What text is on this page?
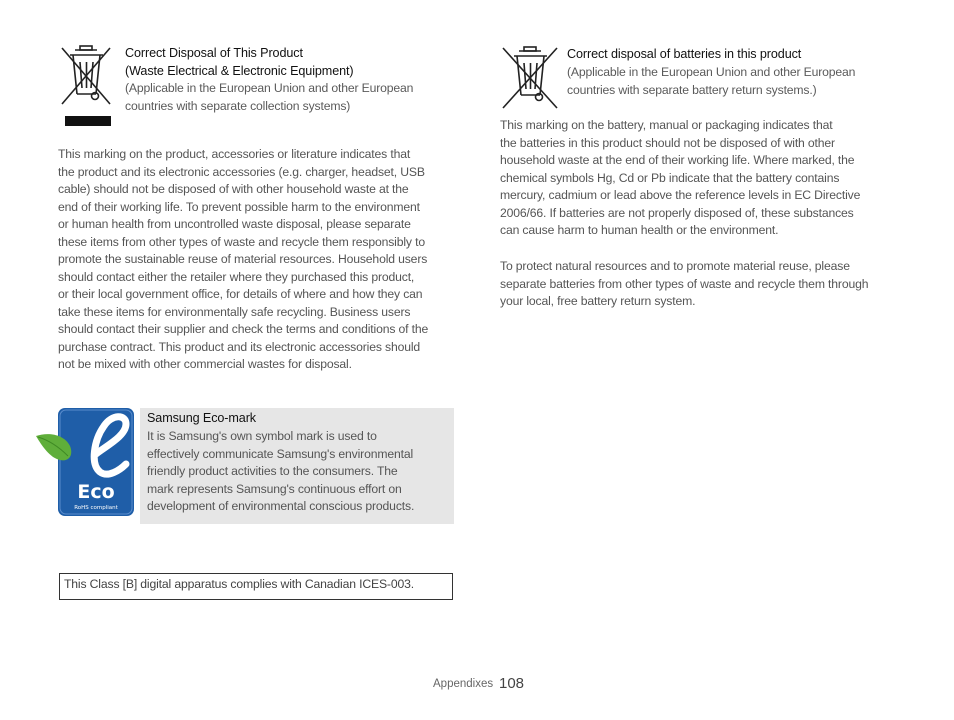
Correct Disposal of This Product
(Waste Electrical & Electronic Equipment)
(Applicable in the European Union and other European
countries with separate collection systems)
This marking on the product, accessories or literature indicates that
the product and its electronic accessories (e.g. charger, headset, USB
cable) should not be disposed of with other household waste at the
end of their working life. To prevent possible harm to the environment
or human health from uncontrolled waste disposal, please separate
these items from other types of waste and recycle them responsibly to
promote the sustainable reuse of material resources. Household users
should contact either the retailer where they purchased this product,
or their local government office, for details of where and how they can
take these items for environmentally safe recycling. Business users
should contact their supplier and check the terms and conditions of the
purchase contract. This product and its electronic accessories should
not be mixed with other commercial wastes for disposal.
Eco
RoHS compliant
Samsung Eco-mark
It is Samsung's own symbol mark is used to
effectively communicate Samsung's environmental
friendly product activities to the consumers. The
mark represents Samsung's continuous effort on
development of environmental conscious products.
This Class [B] digital apparatus complies with Canadian ICES-003.
Correct disposal of batteries in this product
(Applicable in the European Union and other European
countries with separate battery return systems.)
This marking on the battery, manual or packaging indicates that
the batteries in this product should not be disposed of with other
household waste at the end of their working life. Where marked, the
chemical symbols Hg, Cd or Pb indicate that the battery contains
mercury, cadmium or lead above the reference levels in EC Directive
2006/66. If batteries are not properly disposed of, these substances
can cause harm to human health or the environment.
To protect natural resources and to promote material reuse, please
separate batteries from other types of waste and recycle them through
your local, free battery return system.
Appendixes 108
